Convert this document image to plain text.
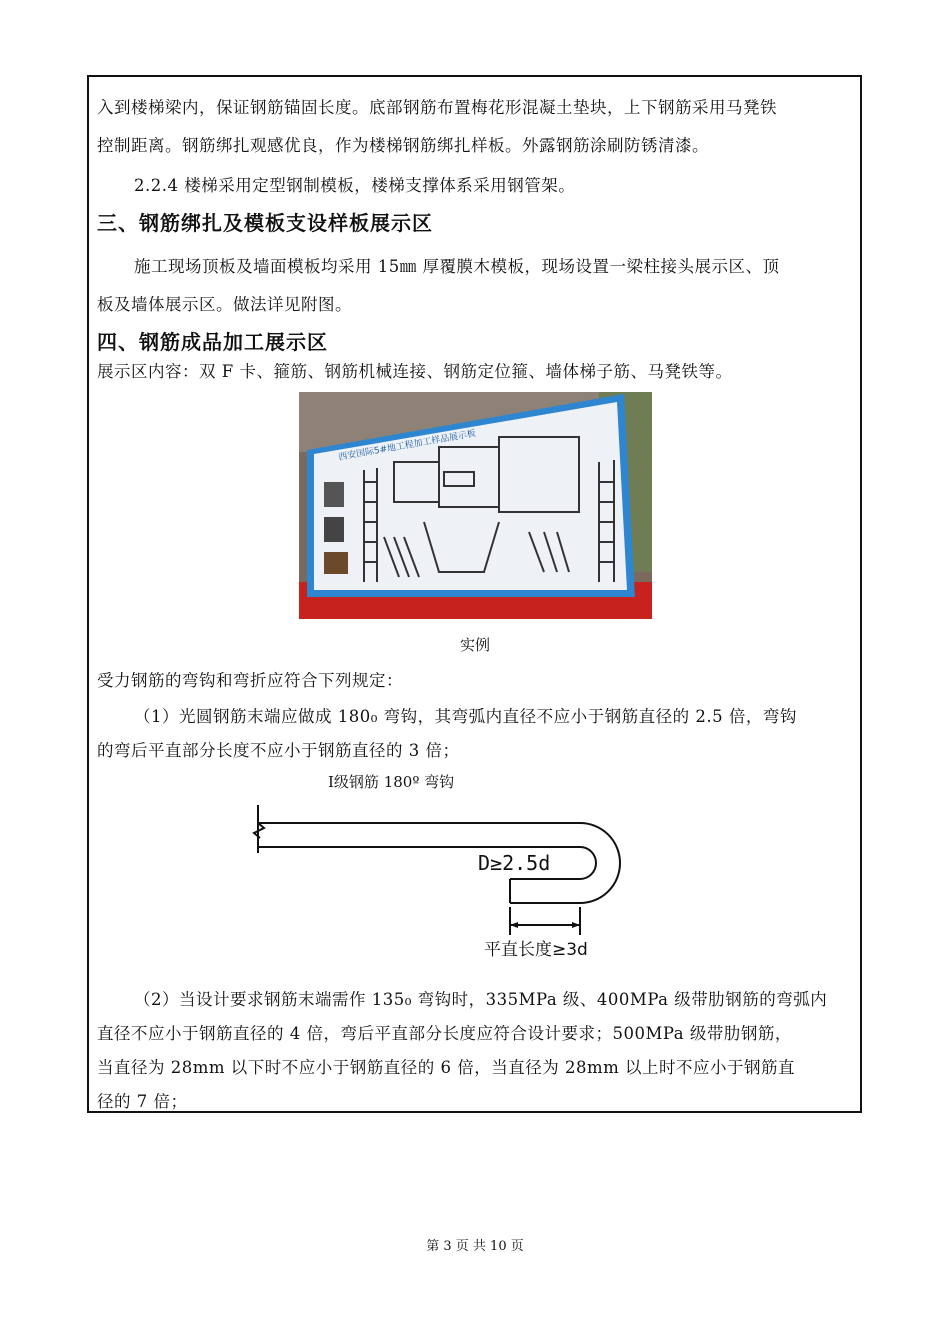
入到楼梯梁内，保证钢筋锚固长度。底部钢筋布置梅花形混凝土垫块，上下钢筋采用马凳铁
控制距离。钢筋绑扎观感优良，作为楼梯钢筋绑扎样板。外露钢筋涂刷防锈清漆。
2.2.4 楼梯采用定型钢制模板，楼梯支撑体系采用钢管架。
三、钢筋绑扎及模板支设样板展示区
施工现场顶板及墙面模板均采用 15㎜ 厚覆膜木模板，现场设置一梁柱接头展示区、顶
板及墙体展示区。做法详见附图。
四、钢筋成品加工展示区
展示区内容：双 F 卡、箍筋、钢筋机械连接、钢筋定位箍、墙体梯子筋、马凳铁等。
西安国际5#地工程加工样品展示板
实例
受力钢筋的弯钩和弯折应符合下列规定：
（1）光圆钢筋末端应做成 180₀ 弯钩，其弯弧内直径不应小于钢筋直径的 2.5 倍，弯钩
的弯后平直部分长度不应小于钢筋直径的 3 倍；
Ⅰ级钢筋 180º 弯钩
D≥2.5d
平直长度≥3d
（2）当设计要求钢筋末端需作 135₀ 弯钩时，335MPa 级、400MPa 级带肋钢筋的弯弧内
直径不应小于钢筋直径的 4 倍，弯后平直部分长度应符合设计要求；500MPa 级带肋钢筋，
当直径为 28mm 以下时不应小于钢筋直径的 6 倍，当直径为 28mm 以上时不应小于钢筋直
径的 7 倍；
第 3 页 共 10 页
